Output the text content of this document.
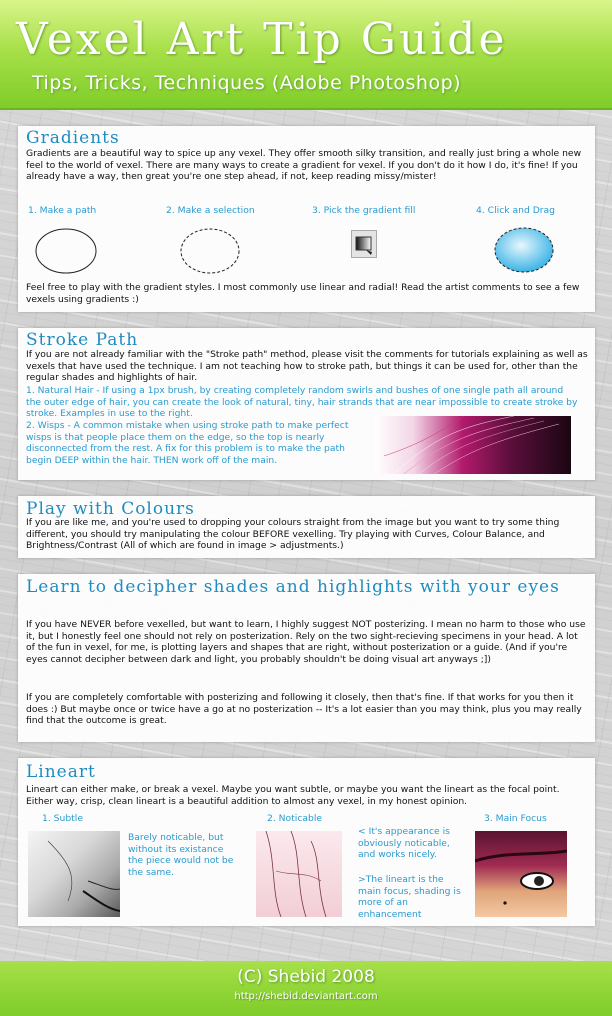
Vexel Art Tip Guide
Tips, Tricks, Techniques (Adobe Photoshop)
Gradients
Gradients are a beautiful way to spice up any vexel. They offer smooth silky transition, and really just bring a whole new feel to the world of vexel. There are many ways to create a gradient for vexel. If you don't do it how I do, it's fine! If you already have a way, then great you're one step ahead, if not, keep reading missy/mister!
1. Make a path	2. Make a selection	3. Pick the gradient fill	4. Click and Drag
Feel free to play with the gradient styles. I most commonly use linear and radial! Read the artist comments to see a few vexels using gradients :)
Stroke Path
If you are not already familiar with the "Stroke path" method, please visit the comments for tutorials explaining as well as vexels that have used the technique. I am not teaching how to stroke path, but things it can be used for, other than the regular shades and highlights of hair.
1. Natural Hair - If using a 1px brush, by creating completely random swirls and bushes of one single path all around the outer edge of hair, you can create the look of natural, tiny, hair strands that are near impossible to create stroke by stroke. Examples in use to the right.
2. Wisps - A common mistake when using stroke path to make perfect wisps is that people place them on the edge, so the top is nearly disconnected from the rest. A fix for this problem is to make the path begin DEEP within the hair. THEN work off of the main.
Play with Colours
If you are like me, and you're used to dropping your colours straight from the image but you want to try some thing different, you should try manipulating the colour BEFORE vexelling. Try playing with Curves, Colour Balance, and Brightness/Contrast (All of which are found in image > adjustments.)
Learn to decipher shades and highlights with your eyes
If you have NEVER before vexelled, but want to learn, I highly suggest NOT posterizing. I mean no harm to those who use it, but I honestly feel one should not rely on posterization. Rely on the two sight-recieving specimens in your head. A lot of the fun in vexel, for me, is plotting layers and shapes that are right, without posterization or a guide. (And if you're eyes cannot decipher between dark and light, you probably shouldn't be doing visual art anyways ;])
If you are completely comfortable with posterizing and following it closely, then that's fine. If that works for you then it does :) But maybe once or twice have a go at no posterization -- It's a lot easier than you may think, plus you may really find that the outcome is great.
Lineart
Lineart can either make, or break a vexel. Maybe you want subtle, or maybe you want the lineart as the focal point. Either way, crisp, clean lineart is a beautiful addition to almost any vexel, in my honest opinion.
1. Subtle	2. Noticable	3. Main Focus
Barely noticable, but without its existance the piece would not be the same.
< It's appearance is obviously noticable, and works nicely.
>The lineart is the main focus, shading is more of an enhancement
(C) Shebid 2008
http://shebid.deviantart.com
